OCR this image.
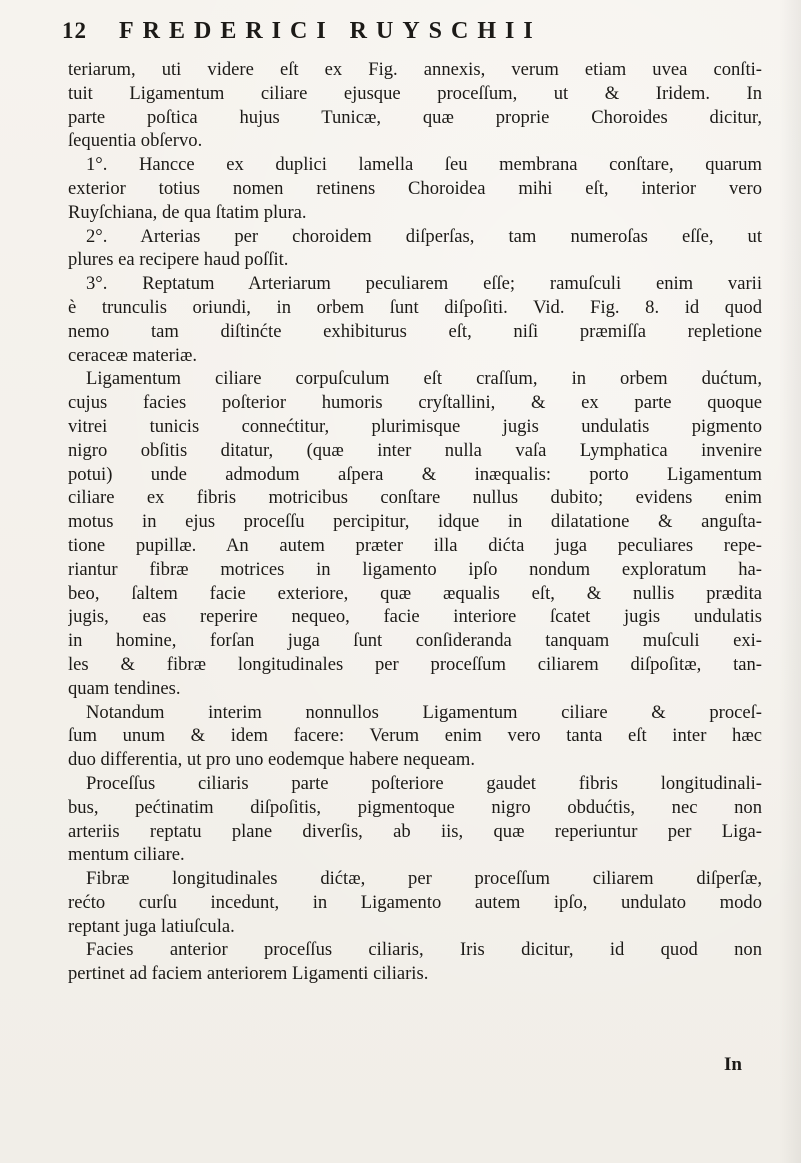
12 FREDERICI RUYSCHII
teriarum, uti videre eſt ex Fig. annexis, verum etiam uvea conſti-
tuit Ligamentum ciliare ejusque proceſſum, ut & Iridem. In
parte poſtica hujus Tunicæ, quæ proprie Choroides dicitur,
ſequentia obſervo.
1°. Hancce ex duplici lamella ſeu membrana conſtare, quarum
exterior totius nomen retinens Choroidea mihi eſt, interior vero
Ruyſchiana, de qua ſtatim plura.
2°. Arterias per choroidem diſperſas, tam numeroſas eſſe, ut
plures ea recipere haud poſſit.
3°. Reptatum Arteriarum peculiarem eſſe; ramuſculi enim varii
è trunculis oriundi, in orbem ſunt diſpoſiti. Vid. Fig. 8. id quod
nemo tam diſtinćte exhibiturus eſt, niſi præmiſſa repletione
ceraceæ materiæ.
Ligamentum ciliare corpuſculum eſt craſſum, in orbem dućtum,
cujus facies poſterior humoris cryſtallini, & ex parte quoque
vitrei tunicis connećtitur, plurimisque jugis undulatis pigmento
nigro obſitis ditatur, (quæ inter nulla vaſa Lymphatica invenire
potui) unde admodum aſpera & inæqualis: porto Ligamentum
ciliare ex fibris motricibus conſtare nullus dubito; evidens enim
motus in ejus proceſſu percipitur, idque in dilatatione & anguſta-
tione pupillæ. An autem præter illa dićta juga peculiares repe-
riantur fibræ motrices in ligamento ipſo nondum exploratum ha-
beo, ſaltem facie exteriore, quæ æqualis eſt, & nullis prædita
jugis, eas reperire nequeo, facie interiore ſcatet jugis undulatis
in homine, forſan juga ſunt conſideranda tanquam muſculi exi-
les & fibræ longitudinales per proceſſum ciliarem diſpoſitæ, tan-
quam tendines.
Notandum interim nonnullos Ligamentum ciliare & proceſ-
ſum unum & idem facere: Verum enim vero tanta eſt inter hæc
duo differentia, ut pro uno eodemque habere nequeam.
Proceſſus ciliaris parte poſteriore gaudet fibris longitudinali-
bus, pećtinatim diſpoſitis, pigmentoque nigro obdućtis, nec non
arteriis reptatu plane diverſis, ab iis, quæ reperiuntur per Liga-
mentum ciliare.
Fibræ longitudinales dićtæ, per proceſſum ciliarem diſperſæ,
rećto curſu incedunt, in Ligamento autem ipſo, undulato modo
reptant juga latiuſcula.
Facies anterior proceſſus ciliaris, Iris dicitur, id quod non
pertinet ad faciem anteriorem Ligamenti ciliaris.
In
